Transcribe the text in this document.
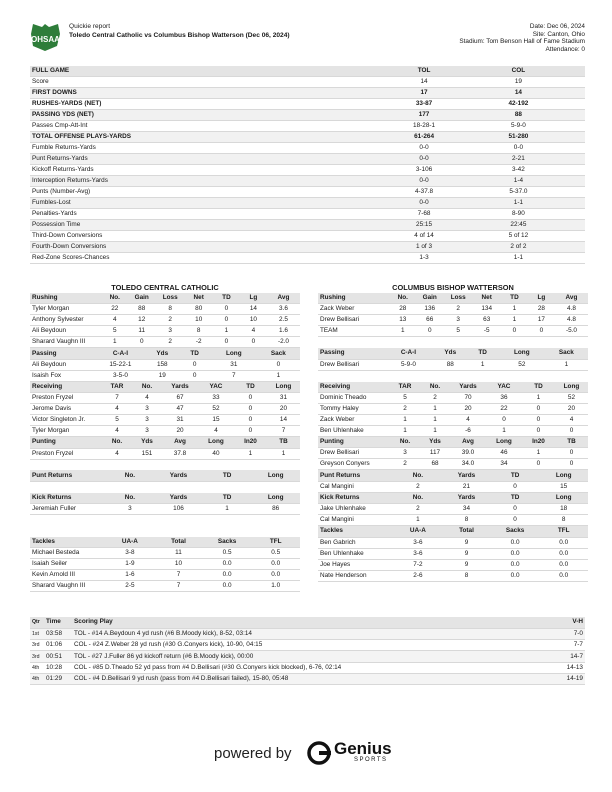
OHSAA
Quickie report
Toledo Central Catholic vs Columbus Bishop Watterson (Dec 06, 2024)
Date: Dec 06, 2024
Site: Canton, Ohio
Stadium: Tom Benson Hall of Fame Stadium
Attendance: 0
FULL GAME	TOL	COL
Score	14	19
FIRST DOWNS	17	14
RUSHES-YARDS (NET)	33-87	42-192
PASSING YDS (NET)	177	88
Passes Cmp-Att-Int	18-28-1	5-9-0
TOTAL OFFENSE PLAYS-YARDS	61-264	51-280
Fumble Returns-Yards	0-0	0-0
Punt Returns-Yards	0-0	2-21
Kickoff Returns-Yards	3-106	3-42
Interception Returns-Yards	0-0	1-4
Punts (Number-Avg)	4-37.8	5-37.0
Fumbles-Lost	0-0	1-1
Penalties-Yards	7-68	8-90
Possession Time	25:15	22:45
Third-Down Conversions	4 of 14	5 of 12
Fourth-Down Conversions	1 of 3	2 of 2
Red-Zone Scores-Chances	1-3	1-1
TOLEDO CENTRAL CATHOLIC	COLUMBUS BISHOP WATTERSON
Rushing	No.	Gain	Loss	Net	TD	Lg	Avg
Tyler Morgan	22	88	8	80	0	14	3.6
Anthony Sylvester	4	12	2	10	0	10	2.5
Ali Beydoun	5	11	3	8	1	4	1.6
Sharard Vaughn III	1	0	2	-2	0	0	-2.0
Passing	C-A-I	Yds	TD	Long	Sack
Ali Beydoun	15-22-1	158	0	31	0
Isaish Fox	3-5-0	19	0	7	1
Receiving	TAR	No.	Yards	YAC	TD	Long
Preston Fryzel	7	4	67	33	0	31
Jerome Davis	4	3	47	52	0	20
Victor Singleton Jr.	5	3	31	15	0	14
Tyler Morgan	4	3	20	4	0	7
Punting	No.	Yds	Avg	Long	In20	TB
Preston Fryzel	4	151	37.8	40	1	1
Punt Returns	No.	Yards	TD	Long
Kick Returns	No.	Yards	TD	Long
Jeremiah Fuller	3	106	1	86
Tackles	UA-A	Total	Sacks	TFL
Michael Besteda	3-8	11	0.5	0.5
Isaiah Seiler	1-9	10	0.0	0.0
Kevin Arnold III	1-6	7	0.0	0.0
Sharard Vaughn III	2-5	7	0.0	1.0
Rushing	No.	Gain	Loss	Net	TD	Lg	Avg
Zack Weber	28	136	2	134	1	28	4.8
Drew Bellisari	13	66	3	63	1	17	4.8
TEAM	1	0	5	-5	0	0	-5.0
Passing	C-A-I	Yds	TD	Long	Sack
Drew Bellisari	5-9-0	88	1	52	1
Receiving	TAR	No.	Yards	YAC	TD	Long
Dominic Theado	5	2	70	36	1	52
Tommy Haley	2	1	20	22	0	20
Zack Weber	1	1	4	0	0	4
Ben Uhlenhake	1	1	-6	1	0	0
Punting	No.	Yds	Avg	Long	In20	TB
Drew Bellisari	3	117	39.0	46	1	0
Greyson Conyers	2	68	34.0	34	0	0
Punt Returns	No.	Yards	TD	Long
Cal Mangini	2	21	0	15
Kick Returns	No.	Yards	TD	Long
Jake Uhlenhake	2	34	0	18
Cal Mangini	1	8	0	8
Tackles	UA-A	Total	Sacks	TFL
Ben Gabrich	3-6	9	0.0	0.0
Ben Uhlenhake	3-6	9	0.0	0.0
Joe Hayes	7-2	9	0.0	0.0
Nate Henderson	2-6	8	0.0	0.0
Qtr	Time	Scoring Play	V-H
1st	03:58	TOL - #14 A.Beydoun 4 yd rush (#6 B.Moody kick), 8-52, 03:14	7-0
3rd	01:06	COL - #24 Z.Weber 28 yd rush (#30 G.Conyers kick), 10-90, 04:15	7-7
3rd	00:51	TOL - #27 J.Fuller 86 yd kickoff return (#6 B.Moody kick), 00:00	14-7
4th	10:28	COL - #85 D.Theado 52 yd pass from #4 D.Bellisari (#30 G.Conyers kick blocked), 6-76, 02:14	14-13
4th	01:29	COL - #4 D.Bellisari 9 yd rush (pass from #4 D.Bellisari failed), 15-80, 05:48	14-19
powered by Genius
SPORTS
